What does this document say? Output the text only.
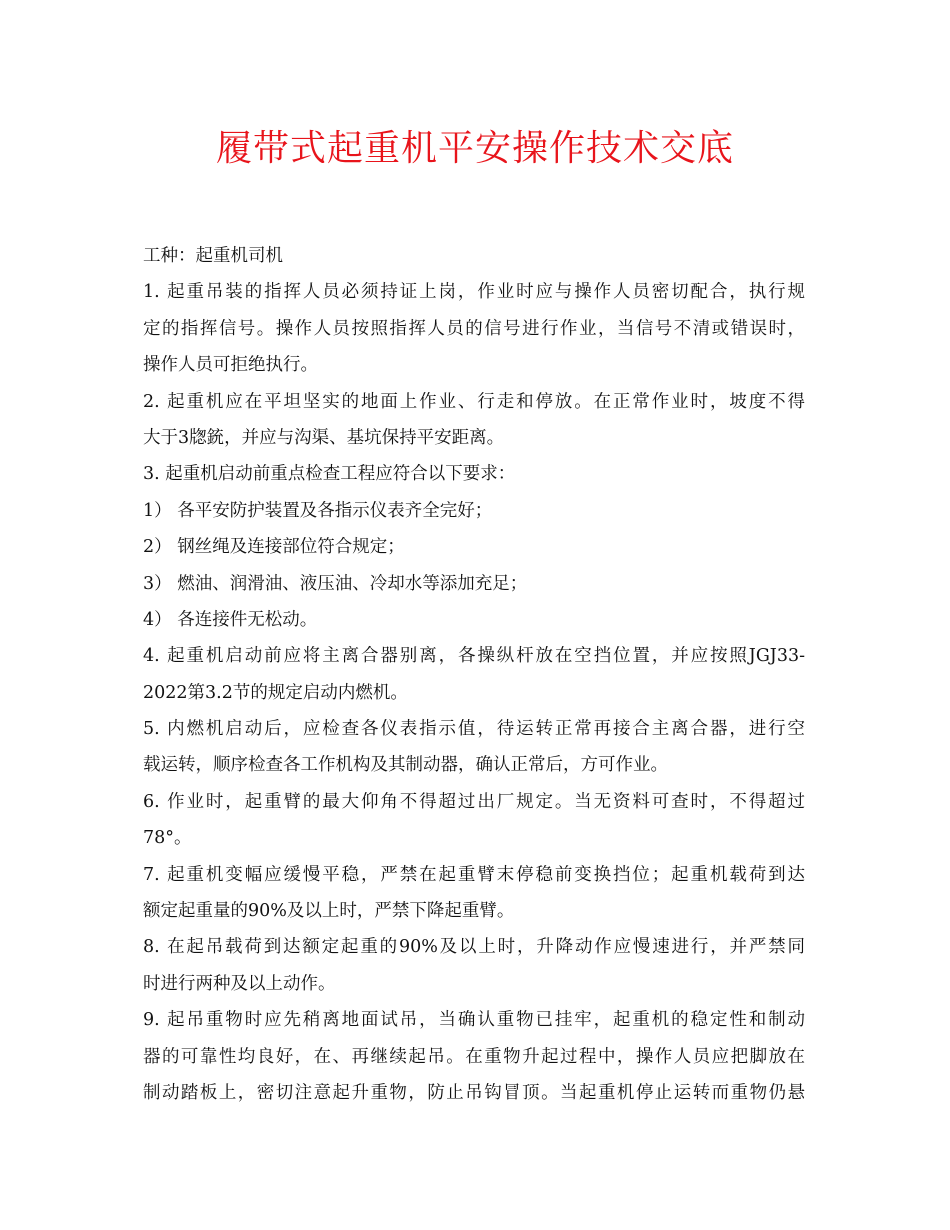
履带式起重机平安操作技术交底
工种：起重机司机
1. 起重吊装的指挥人员必须持证上岗，作业时应与操作人员密切配合，执行规
定的指挥信号。操作人员按照指挥人员的信号进行作业，当信号不清或错误时，
操作人员可拒绝执行。
2. 起重机应在平坦坚实的地面上作业、行走和停放。在正常作业时，坡度不得
大于3牎銃，并应与沟渠、基坑保持平安距离。
3. 起重机启动前重点检查工程应符合以下要求：
1） 各平安防护装置及各指示仪表齐全完好；
2） 钢丝绳及连接部位符合规定；
3） 燃油、润滑油、液压油、冷却水等添加充足；
4） 各连接件无松动。
4. 起重机启动前应将主离合器别离，各操纵杆放在空挡位置，并应按照JGJ33-
2022第3.2节的规定启动内燃机。
5. 内燃机启动后，应检查各仪表指示值，待运转正常再接合主离合器，进行空
载运转，顺序检查各工作机构及其制动器，确认正常后，方可作业。
6. 作业时，起重臂的最大仰角不得超过出厂规定。当无资料可查时，不得超过
78°。
7. 起重机变幅应缓慢平稳，严禁在起重臂末停稳前变换挡位；起重机载荷到达
额定起重量的90%及以上时，严禁下降起重臂。
8. 在起吊载荷到达额定起重的90%及以上时，升降动作应慢速进行，并严禁同
时进行两种及以上动作。
9. 起吊重物时应先稍离地面试吊，当确认重物已挂牢，起重机的稳定性和制动
器的可靠性均良好，在、再继续起吊。在重物升起过程中，操作人员应把脚放在
制动踏板上，密切注意起升重物，防止吊钩冒顶。当起重机停止运转而重物仍悬
